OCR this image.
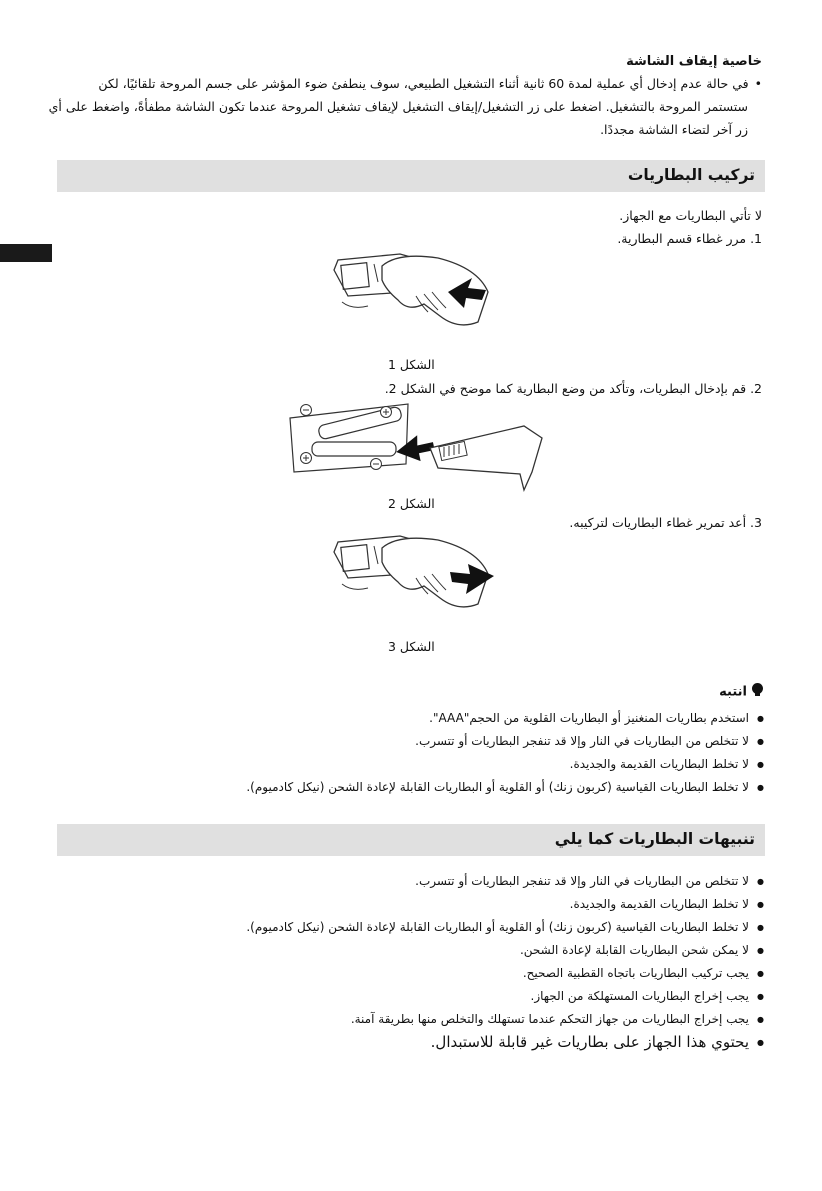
خاصية إيقاف الشاشة
• في حالة عدم إدخال أي عملية لمدة 60 ثانية أثناء التشغيل الطبيعي، سوف ينطفئ ضوء المؤشر على جسم المروحة تلقائيًا، لكن
ستستمر المروحة بالتشغيل. اضغط على زر التشغيل/إيقاف التشغيل لإيقاف تشغيل المروحة عندما تكون الشاشة مطفأةً، واضغط على أي
زر آخر لتضاء الشاشة مجددًا.
تركيب البطاريات
لا تأتي البطاريات مع الجهاز.
1. مرر غطاء قسم البطارية.
الشكل 1
2. قم بإدخال البطريات، وتأكد من وضع البطارية كما موضح في الشكل 2.
الشكل 2
3. أعد تمرير غطاء البطاريات لتركيبه.
الشكل 3
انتبه
● استخدم بطاريات المنغنيز أو البطاريات القلوية من الحجم"AAA".
● لا تتخلص من البطاريات في النار وإلا قد تنفجر البطاريات أو تتسرب.
● لا تخلط البطاريات القديمة والجديدة.
● لا تخلط البطاريات القياسية (كربون زنك) أو القلوية أو البطاريات القابلة لإعادة الشحن (نيكل كادميوم).
تنبيهات البطاريات كما يلي
● لا تتخلص من البطاريات في النار وإلا قد تنفجر البطاريات أو تتسرب.
● لا تخلط البطاريات القديمة والجديدة.
● لا تخلط البطاريات القياسية (كربون زنك) أو القلوية أو البطاريات القابلة لإعادة الشحن (نيكل كادميوم).
● لا يمكن شحن البطاريات القابلة لإعادة الشحن.
● يجب تركيب البطاريات باتجاه القطبية الصحيح.
● يجب إخراج البطاريات المستهلكة من الجهاز.
● يجب إخراج البطاريات من جهاز التحكم عندما تستهلك والتخلص منها بطريقة آمنة.
● يحتوي هذا الجهاز على بطاريات غير قابلة للاستبدال.
